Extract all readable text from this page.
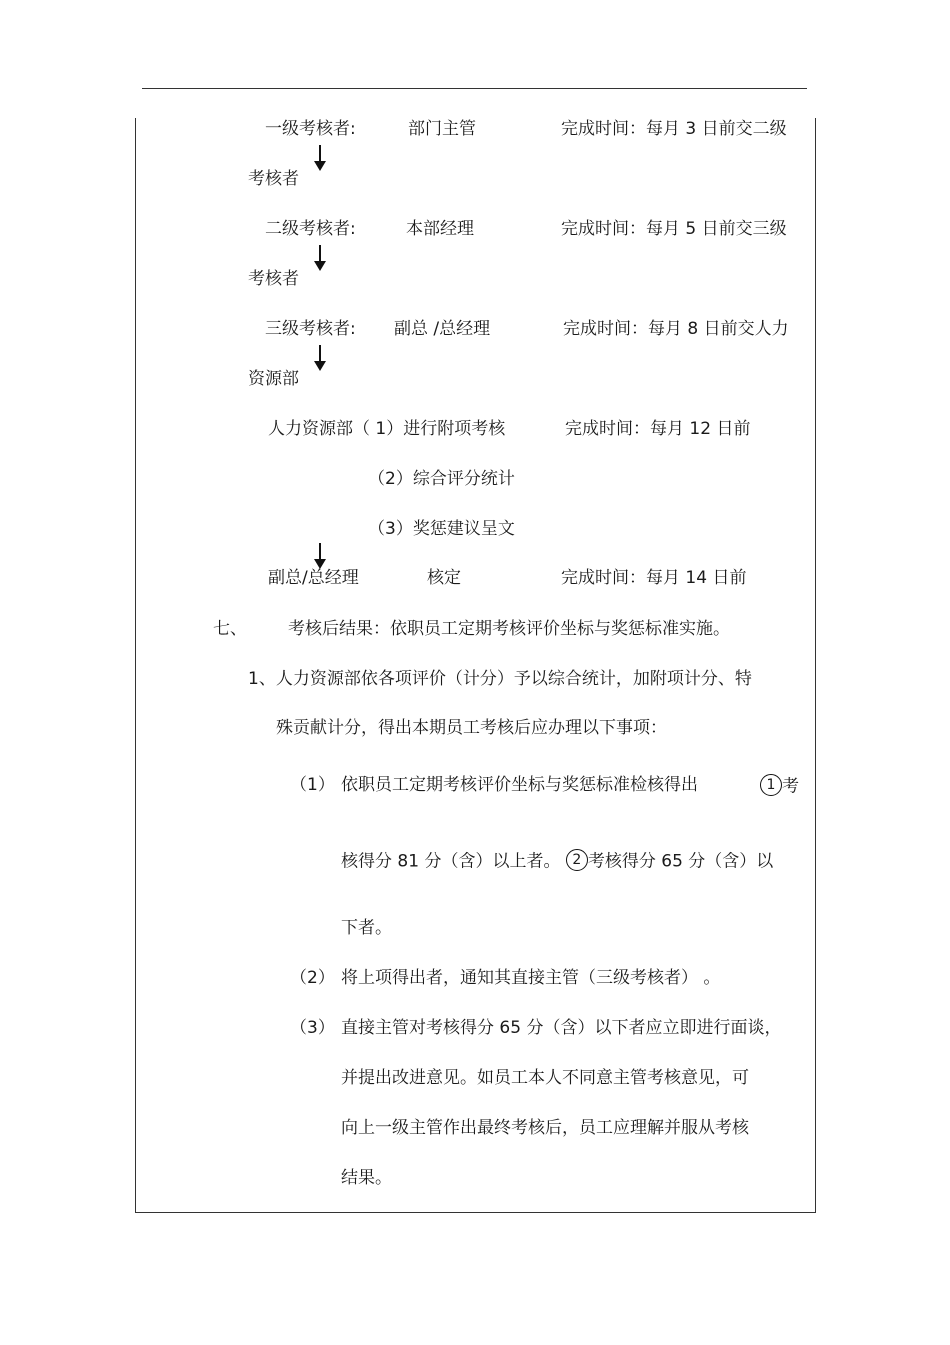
一级考核者:	部门主管	完成时间：每月 3 日前交二级
考核者
二级考核者:	本部经理	完成时间：每月 5 日前交三级
考核者
三级考核者: 副总 /总经理	完成时间：每月 8 日前交人力
资源部
人力资源部（ 1）进行附项考核	完成时间：每月 12 日前
（2）综合评分统计
（3）奖惩建议呈文
副总/总经理	核定	完成时间：每月 14 日前
七、 考核后结果：依职员工定期考核评价坐标与奖惩标准实施。
1、人力资源部依各项评价（计分）予以综合统计，加附项计分、特
殊贡献计分，得出本期员工考核后应办理以下事项：
（1） 依职员工定期考核评价坐标与奖惩标准检核得出	1 考
核得分 81 分（含）以上者。 2 考核得分 65 分（含）以
下者。
（2） 将上项得出者，通知其直接主管（三级考核者） 。
（3） 直接主管对考核得分 65 分（含）以下者应立即进行面谈，
并提出改进意见。如员工本人不同意主管考核意见，可
向上一级主管作出最终考核后，员工应理解并服从考核
结果。
